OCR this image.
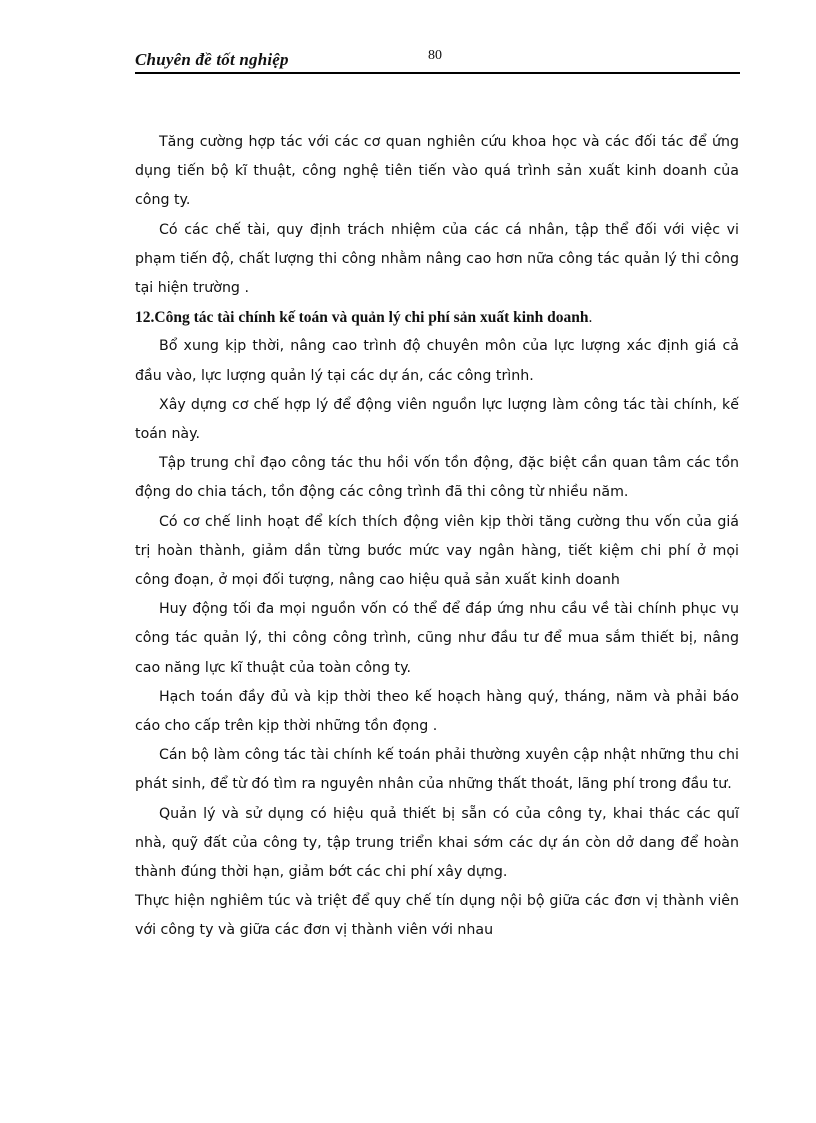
Chuyên đề tốt nghiệp	80

Tăng cường hợp tác với các cơ quan nghiên cứu khoa học và các đối tác để ứng dụng tiến bộ kĩ thuật, công nghệ tiên tiến vào quá trình sản xuất kinh doanh của công ty.

Có các chế tài, quy định trách nhiệm của các cá nhân, tập thể đối với việc vi phạm tiến độ, chất lượng thi công nhằm nâng cao hơn nữa công tác quản lý thi công tại hiện trường .

12.Công tác tài chính kế toán và quản lý chi phí sản xuất kinh doanh.

Bổ xung kịp thời, nâng cao trình độ chuyên môn của lực lượng xác định giá cả đầu vào, lực lượng quản lý tại các dự án, các công trình.

Xây dựng cơ chế hợp lý để động viên nguồn lực lượng làm công tác tài chính, kế toán này.

Tập trung chỉ đạo công tác thu hồi vốn tồn động, đặc biệt cần quan tâm các tồn động do chia tách, tồn động các công trình đã thi công từ nhiều năm.

Có cơ chế linh hoạt để kích thích động viên kịp thời tăng cường thu vốn của giá trị hoàn thành, giảm dần từng bước mức vay ngân hàng, tiết kiệm chi phí ở mọi công đoạn, ở mọi đối tượng, nâng cao hiệu quả sản xuất kinh doanh

Huy động tối đa mọi nguồn vốn có thể để đáp ứng nhu cầu về tài chính phục vụ công tác quản lý, thi công công trình, cũng như đầu tư để mua sắm thiết bị, nâng cao năng lực kĩ thuật của toàn công ty.

Hạch toán đầy đủ và kịp thời theo kế hoạch hàng quý, tháng, năm và phải báo cáo cho cấp trên kịp thời những tồn đọng .

Cán bộ làm công tác tài chính kế toán phải thường xuyên cập nhật những thu chi phát sinh, để từ đó tìm ra nguyên nhân của những thất thoát, lãng phí trong đầu tư.

Quản lý và sử dụng có hiệu quả thiết bị sẵn có của công ty, khai thác các quĩ nhà, quỹ đất của công ty, tập trung triển khai sớm các dự án còn dở dang để hoàn thành đúng thời hạn, giảm bớt các chi phí xây dựng.

Thực hiện nghiêm túc và triệt để quy chế tín dụng nội bộ giữa các đơn vị thành viên với công ty và giữa các đơn vị thành viên với nhau
